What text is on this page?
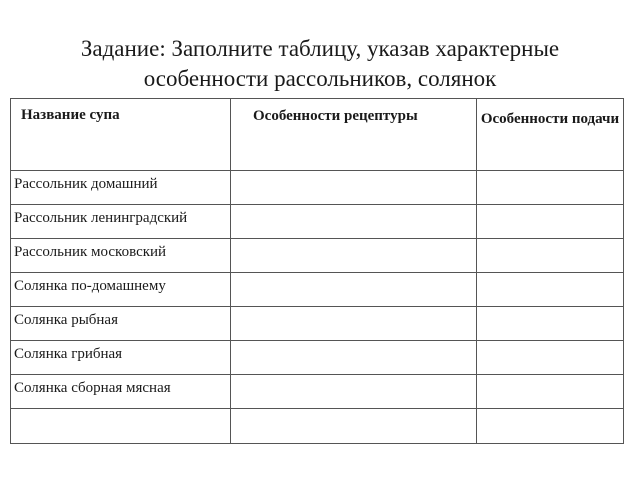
Задание: Заполните таблицу, указав характерные
особенности рассольников, солянок
Название супа	Особенности рецептуры	Особенности подачи
Рассольник домашний		
Рассольник ленинградский		
Рассольник московский		
Солянка по-домашнему		
Солянка рыбная		
Солянка грибная		
Солянка сборная мясная		
